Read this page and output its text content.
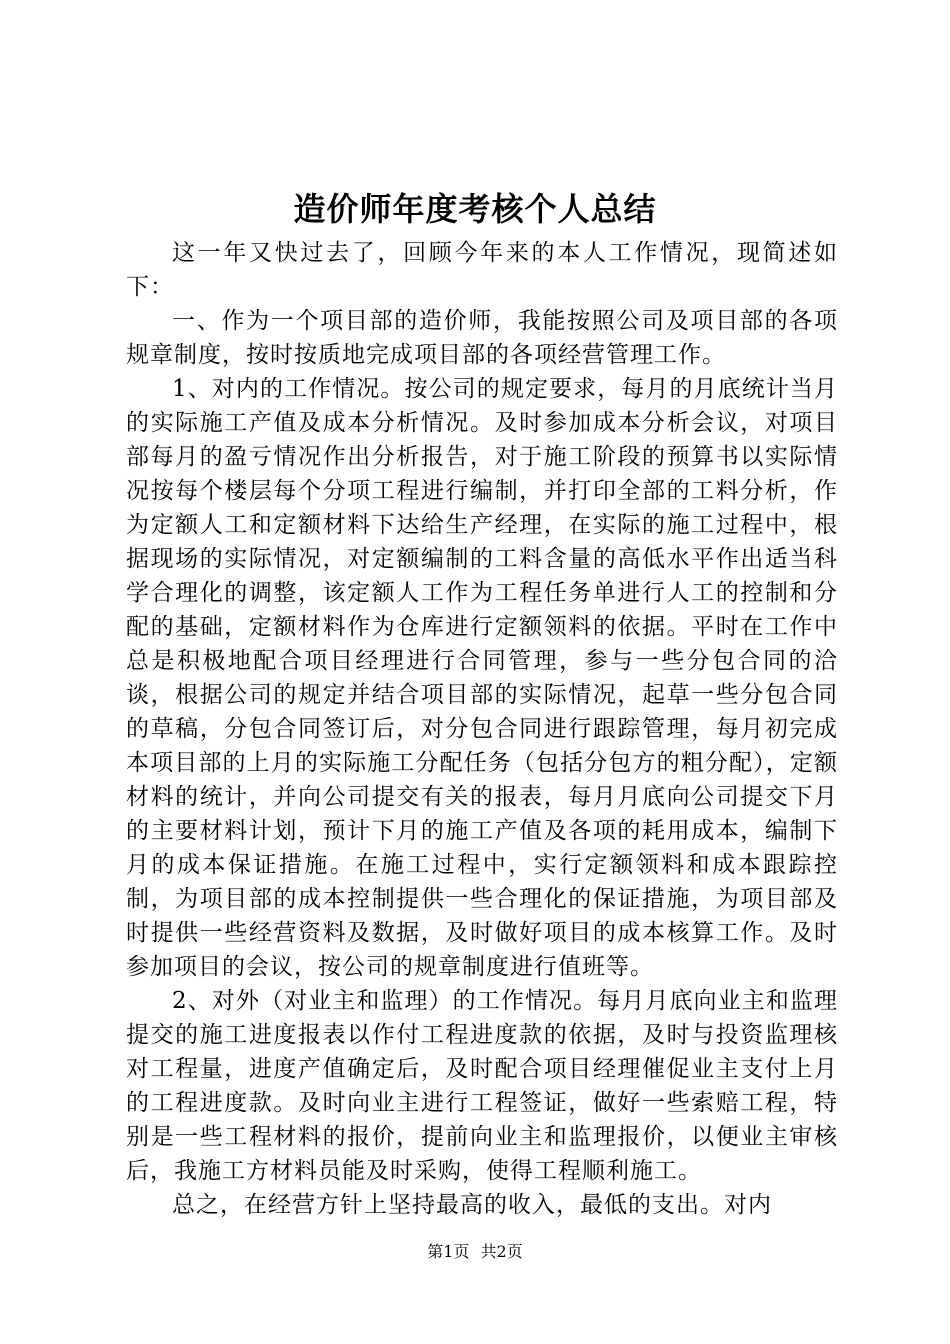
造价师年度考核个人总结

这一年又快过去了，回顾今年来的本人工作情况，现简述如下：

一、作为一个项目部的造价师，我能按照公司及项目部的各项规章制度，按时按质地完成项目部的各项经营管理工作。

1、对内的工作情况。按公司的规定要求，每月的月底统计当月的实际施工产值及成本分析情况。及时参加成本分析会议，对项目部每月的盈亏情况作出分析报告，对于施工阶段的预算书以实际情况按每个楼层每个分项工程进行编制，并打印全部的工料分析，作为定额人工和定额材料下达给生产经理，在实际的施工过程中，根据现场的实际情况，对定额编制的工料含量的高低水平作出适当科学合理化的调整，该定额人工作为工程任务单进行人工的控制和分配的基础，定额材料作为仓库进行定额领料的依据。平时在工作中总是积极地配合项目经理进行合同管理，参与一些分包合同的洽谈，根据公司的规定并结合项目部的实际情况，起草一些分包合同的草稿，分包合同签订后，对分包合同进行跟踪管理，每月初完成本项目部的上月的实际施工分配任务（包括分包方的粗分配），定额材料的统计，并向公司提交有关的报表，每月月底向公司提交下月的主要材料计划，预计下月的施工产值及各项的耗用成本，编制下月的成本保证措施。在施工过程中，实行定额领料和成本跟踪控制，为项目部的成本控制提供一些合理化的保证措施，为项目部及时提供一些经营资料及数据，及时做好项目的成本核算工作。及时参加项目的会议，按公司的规章制度进行值班等。

2、对外（对业主和监理）的工作情况。每月月底向业主和监理提交的施工进度报表以作付工程进度款的依据，及时与投资监理核对工程量，进度产值确定后，及时配合项目经理催促业主支付上月的工程进度款。及时向业主进行工程签证，做好一些索赔工程，特别是一些工程材料的报价，提前向业主和监理报价，以便业主审核后，我施工方材料员能及时采购，使得工程顺利施工。

总之，在经营方针上坚持最高的收入，最低的支出。对内

第1页 共2页
